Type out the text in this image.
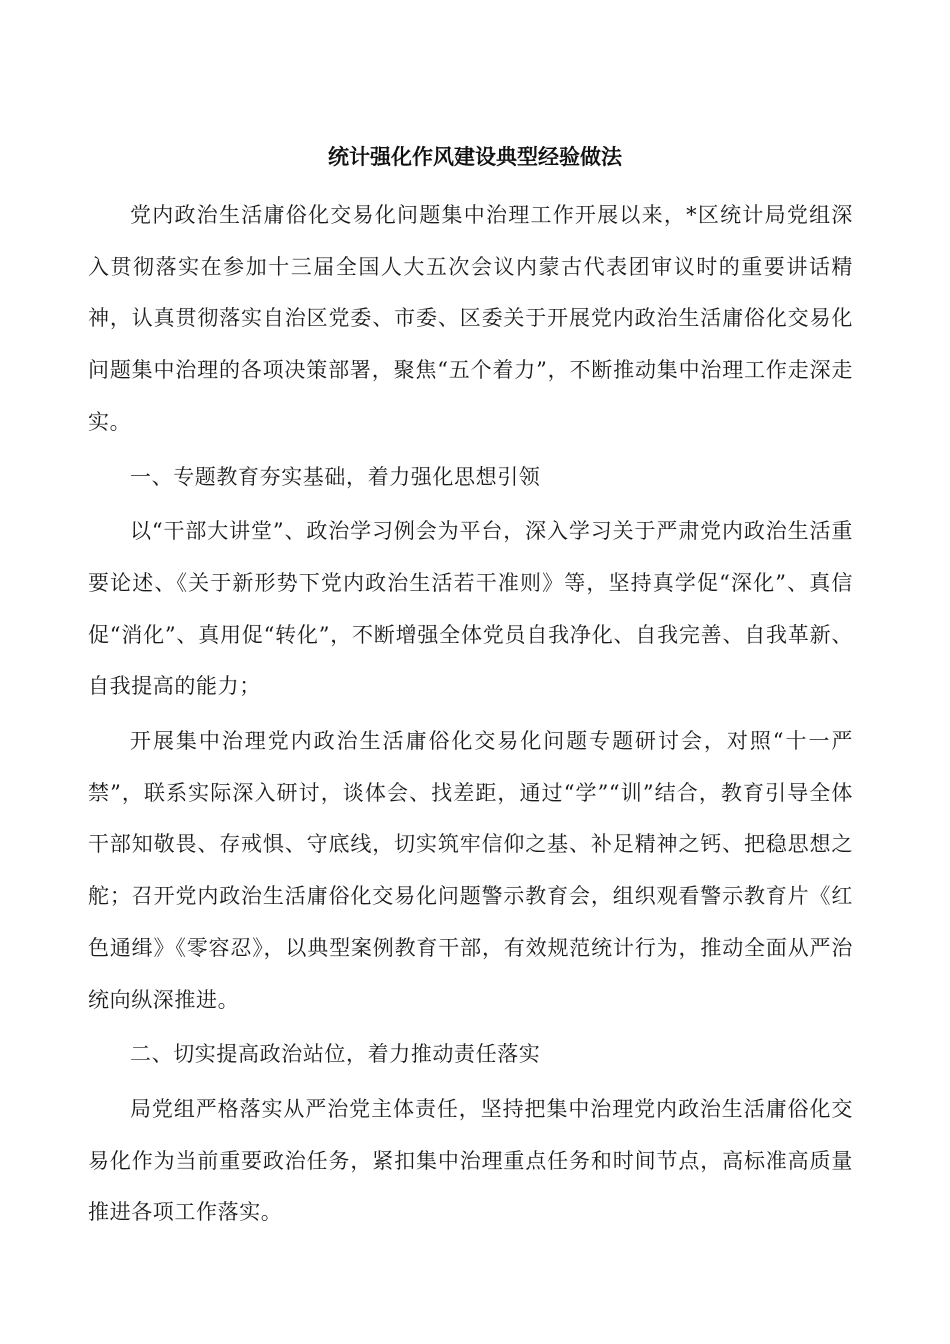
统计强化作风建设典型经验做法

党内政治生活庸俗化交易化问题集中治理工作开展以来，*区统计局党组深入贯彻落实在参加十三届全国人大五次会议内蒙古代表团审议时的重要讲话精神，认真贯彻落实自治区党委、市委、区委关于开展党内政治生活庸俗化交易化问题集中治理的各项决策部署，聚焦“五个着力”，不断推动集中治理工作走深走实。

一、专题教育夯实基础，着力强化思想引领

以“干部大讲堂”、政治学习例会为平台，深入学习关于严肃党内政治生活重要论述、《关于新形势下党内政治生活若干准则》等，坚持真学促“深化”、真信促“消化”、真用促“转化”，不断增强全体党员自我净化、自我完善、自我革新、自我提高的能力；

开展集中治理党内政治生活庸俗化交易化问题专题研讨会，对照“十一严禁”，联系实际深入研讨，谈体会、找差距，通过“学”“训”结合，教育引导全体干部知敬畏、存戒惧、守底线，切实筑牢信仰之基、补足精神之钙、把稳思想之舵；召开党内政治生活庸俗化交易化问题警示教育会，组织观看警示教育片《红色通缉》《零容忍》，以典型案例教育干部，有效规范统计行为，推动全面从严治统向纵深推进。

二、切实提高政治站位，着力推动责任落实

局党组严格落实从严治党主体责任，坚持把集中治理党内政治生活庸俗化交易化作为当前重要政治任务，紧扣集中治理重点任务和时间节点，高标准高质量推进各项工作落实。
